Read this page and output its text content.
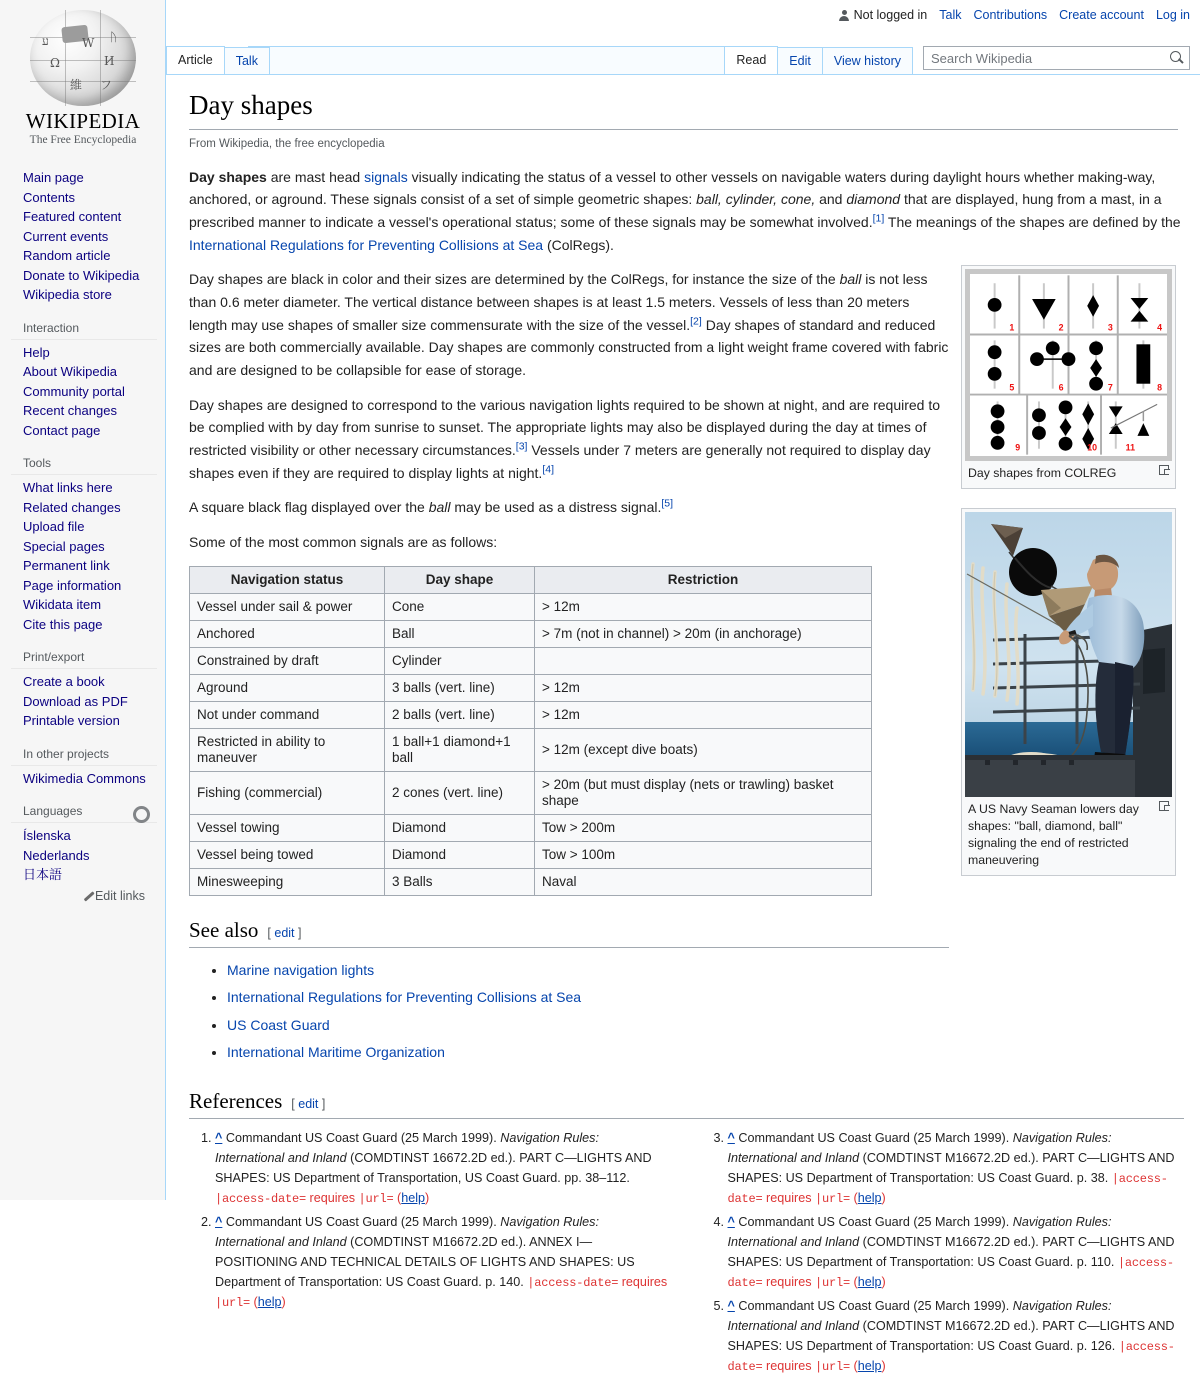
Ω
W
И
維 フ
ע	ᚢ
WIKIPEDIA
The Free Encyclopedia
Main page
Contents
Featured content
Current events
Random article
Donate to Wikipedia
Wikipedia store
Interaction
Help
About Wikipedia
Community portal
Recent changes
Contact page
Tools
What links here
Related changes
Upload file
Special pages
Permanent link
Page information
Wikidata item
Cite this page
Print/export
Create a book
Download as PDF
Printable version
In other projects
Wikimedia Commons
Languages
Íslenska
Nederlands
日本語
Edit links
Not logged in Talk Contributions Create account Log in
Article	Talk	Read	Edit	View history
Search Wikipedia
Day shapes
From Wikipedia, the free encyclopedia

Day shapes are mast head signals visually indicating the status of a vessel to other vessels on navigable waters during daylight hours whether making-way, anchored, or aground. These signals consist of a set of simple geometric shapes: ball, cylinder, cone, and diamond that are displayed, hung from a mast, in a prescribed manner to indicate a vessel's operational status; some of these signals may be somewhat involved.[1] The meanings of the shapes are defined by the International Regulations for Preventing Collisions at Sea (ColRegs).

Day shapes are black in color and their sizes are determined by the ColRegs, for instance the size of the ball is not less than 0.6 meter diameter. The vertical distance between shapes is at least 1.5 meters. Vessels of less than 20 meters length may use shapes of smaller size commensurate with the size of the vessel.[2] Day shapes of standard and reduced sizes are both commercially available. Day shapes are commonly constructed from a light weight frame covered with fabric and are designed to be collapsible for ease of storage.

Day shapes are designed to correspond to the various navigation lights required to be shown at night, and are required to be complied with by day from sunrise to sunset. The appropriate lights may also be displayed during the day at times of restricted visibility or other necessary circumstances.[3] Vessels under 7 meters are generally not required to display day shapes even if they are required to display lights at night.[4]

A square black flag displayed over the ball may be used as a distress signal.[5]

Some of the most common signals are as follows:

Navigation status	Day shape	Restriction
Vessel under sail & power	Cone	> 12m
Anchored	Ball	> 7m (not in channel) > 20m (in anchorage)
Constrained by draft	Cylinder	
Aground	3 balls (vert. line)	> 12m
Not under command	2 balls (vert. line)	> 12m
Restricted in ability to maneuver	1 ball+1 diamond+1 ball	> 12m (except dive boats)
Fishing (commercial)	2 cones (vert. line)	> 20m (but must display (nets or trawling) basket shape
Vessel towing	Diamond	Tow > 200m
Vessel being towed	Diamond	Tow > 100m
Minesweeping	3 Balls	Naval
See also [ edit ]
• Marine navigation lights
• International Regulations for Preventing Collisions at Sea
• US Coast Guard
• International Maritime Organization
References [ edit ]
1. ^ Commandant US Coast Guard (25 March 1999). Navigation Rules: International and Inland (COMDTINST 16672.2D ed.). PART C—LIGHTS AND SHAPES: US Department of Transportation, US Coast Guard. pp. 38–112. |access-date= requires |url= (help)
2. ^ Commandant US Coast Guard (25 March 1999). Navigation Rules: International and Inland (COMDTINST M16672.2D ed.). ANNEX I—POSITIONING AND TECHNICAL DETAILS OF LIGHTS AND SHAPES: US Department of Transportation: US Coast Guard. p. 140. |access-date= requires |url= (help)
3. ^ Commandant US Coast Guard (25 March 1999). Navigation Rules: International and Inland (COMDTINST M16672.2D ed.). PART C—LIGHTS AND SHAPES: US Department of Transportation: US Coast Guard. p. 38. |access-date= requires |url= (help)
4. ^ Commandant US Coast Guard (25 March 1999). Navigation Rules: International and Inland (COMDTINST M16672.2D ed.). PART C—LIGHTS AND SHAPES: US Department of Transportation: US Coast Guard. p. 110. |access-date= requires |url= (help)
5. ^ Commandant US Coast Guard (25 March 1999). Navigation Rules: International and Inland (COMDTINST M16672.2D ed.). PART C—LIGHTS AND SHAPES: US Department of Transportation: US Coast Guard. p. 126. |access-date= requires |url= (help)
1	2	3	4
5	6	7	8
9	10	11
Day shapes from COLREG
A US Navy Seaman lowers day shapes: "ball, diamond, ball" signaling the end of restricted maneuvering
